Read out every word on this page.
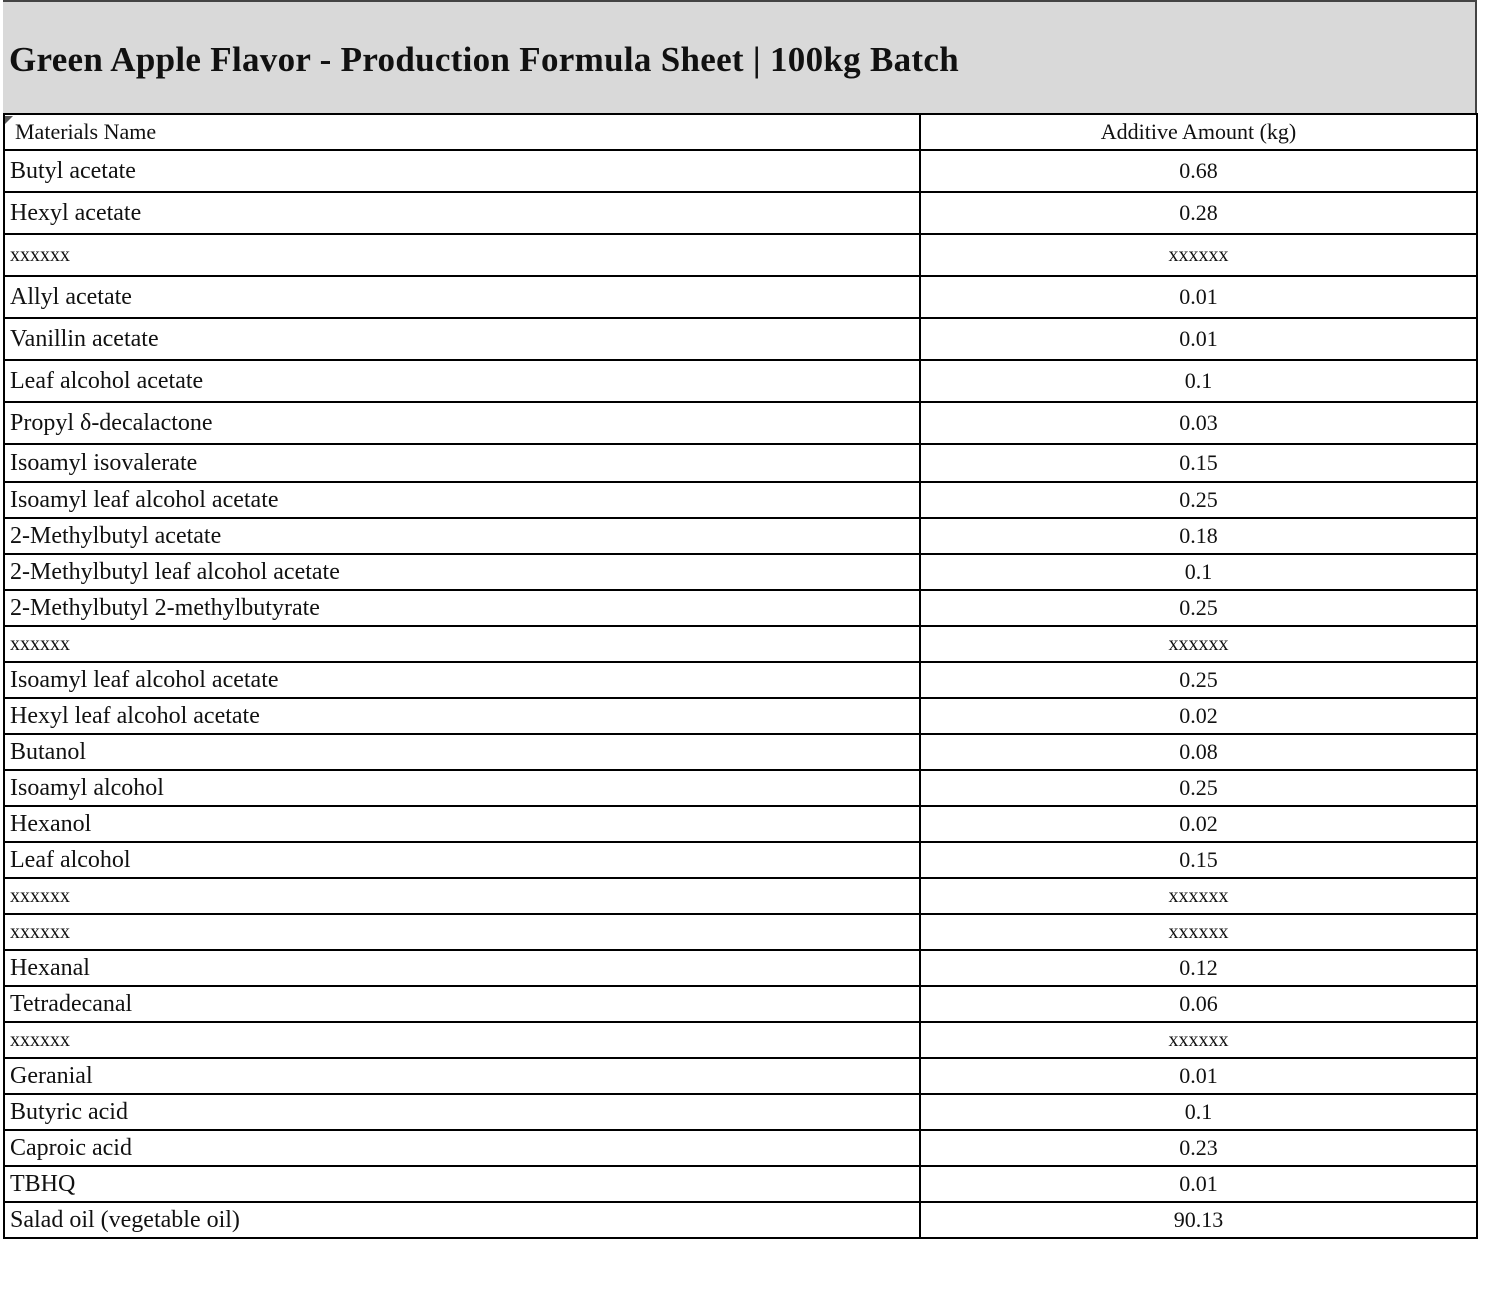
Green Apple Flavor - Production Formula Sheet | 100kg Batch
Materials Name	Additive Amount (kg)
Butyl acetate	0.68
Hexyl acetate	0.28
xxxxxx	xxxxxx
Allyl acetate	0.01
Vanillin acetate	0.01
Leaf alcohol acetate	0.1
Propyl δ-decalactone	0.03
Isoamyl isovalerate	0.15
Isoamyl leaf alcohol acetate	0.25
2-Methylbutyl acetate	0.18
2-Methylbutyl leaf alcohol acetate	0.1
2-Methylbutyl 2-methylbutyrate	0.25
xxxxxx	xxxxxx
Isoamyl leaf alcohol acetate	0.25
Hexyl leaf alcohol acetate	0.02
Butanol	0.08
Isoamyl alcohol	0.25
Hexanol	0.02
Leaf alcohol	0.15
xxxxxx	xxxxxx
xxxxxx	xxxxxx
Hexanal	0.12
Tetradecanal	0.06
xxxxxx	xxxxxx
Geranial	0.01
Butyric acid	0.1
Caproic acid	0.23
TBHQ	0.01
Salad oil (vegetable oil)	90.13
